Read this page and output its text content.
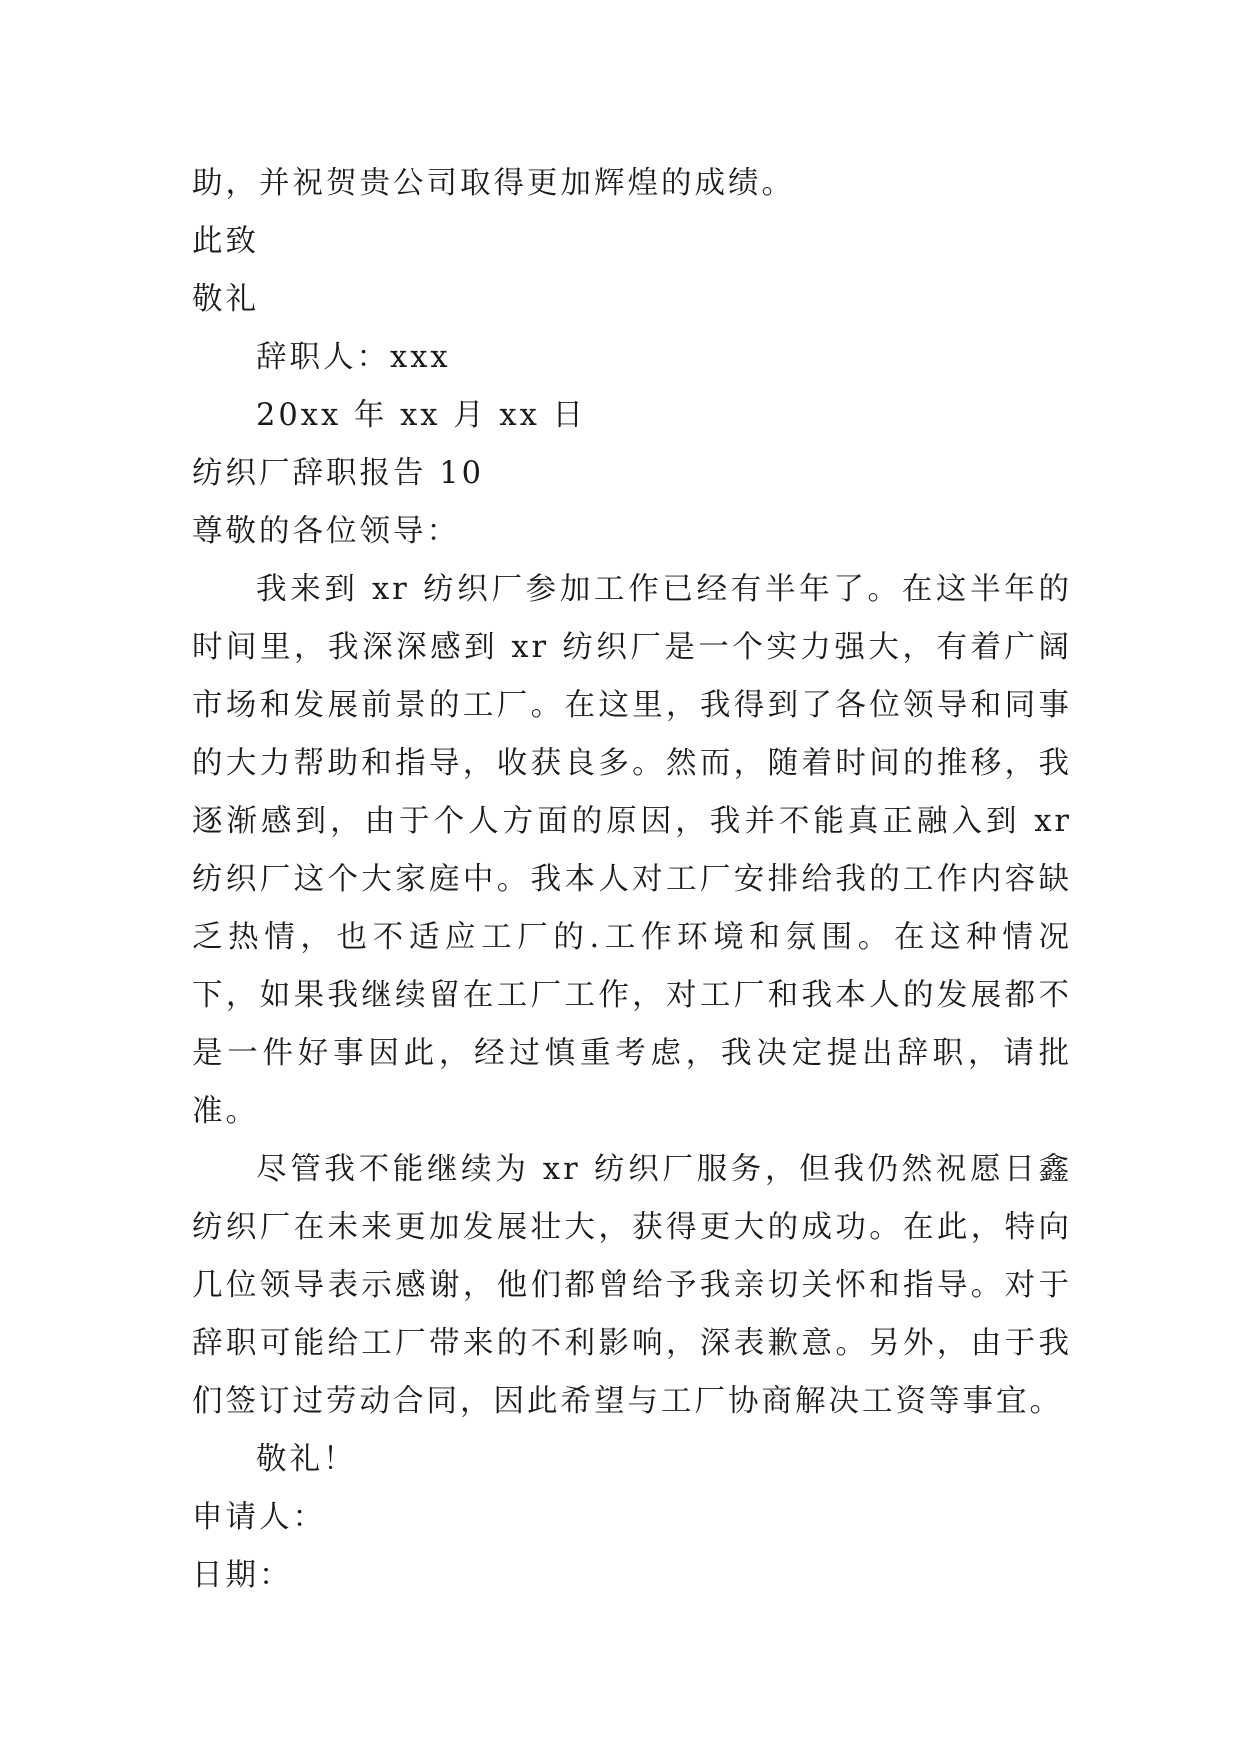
助，并祝贺贵公司取得更加辉煌的成绩。
此致
敬礼
辞职人：xxx
20xx 年 xx 月 xx 日
纺织厂辞职报告 10
尊敬的各位领导：

我来到 xr 纺织厂参加工作已经有半年了。在这半年的时间里，我深深感到 xr 纺织厂是一个实力强大，有着广阔市场和发展前景的工厂。在这里，我得到了各位领导和同事的大力帮助和指导，收获良多。然而，随着时间的推移，我逐渐感到，由于个人方面的原因，我并不能真正融入到 xr 纺织厂这个大家庭中。我本人对工厂安排给我的工作内容缺乏热情，也不适应工厂的.工作环境和氛围。在这种情况下，如果我继续留在工厂工作，对工厂和我本人的发展都不是一件好事因此，经过慎重考虑，我决定提出辞职，请批准。

尽管我不能继续为 xr 纺织厂服务，但我仍然祝愿日鑫纺织厂在未来更加发展壮大，获得更大的成功。在此，特向几位领导表示感谢，他们都曾给予我亲切关怀和指导。对于辞职可能给工厂带来的不利影响，深表歉意。另外，由于我们签订过劳动合同，因此希望与工厂协商解决工资等事宜。

敬礼！
申请人：
日期：
